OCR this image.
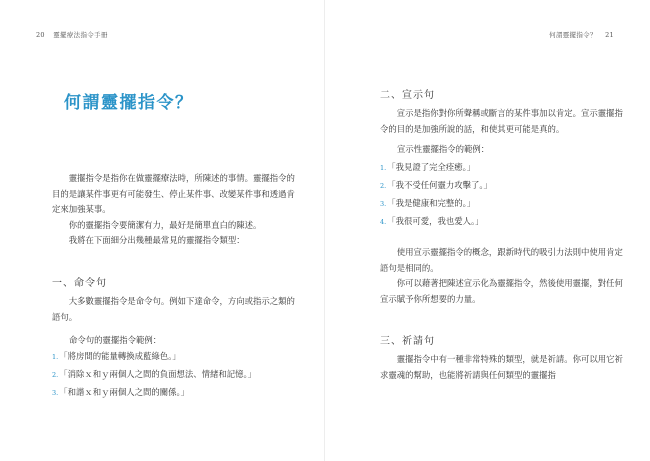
20 靈擺療法指令手冊
何謂靈擺指令？

靈擺指令是指你在做靈擺療法時，所陳述的事情。靈擺指令的目的是讓某件事更有可能發生、停止某件事、改變某件事和透過肯定來加強某事。

你的靈擺指令要簡潔有力，最好是簡單直白的陳述。

我將在下面細分出幾種最常見的靈擺指令類型：

一、命令句

大多數靈擺指令是命令句。例如下達命令，方向或指示之類的語句。

命令句的靈擺指令範例：
1.「將房間的能量轉換成藍綠色。」
2.「消除ｘ和ｙ兩個人之間的負面想法、情緒和記憶。」
3.「和諧ｘ和ｙ兩個人之間的關係。」
何謂靈擺指令？ 21
二、宣示句

宣示是指你對你所聲稱或斷言的某件事加以肯定。宣示靈擺指令的目的是加強所說的話，和使其更可能是真的。

宣示性靈擺指令的範例：
1.「我見證了完全痊癒。」
2.「我不受任何靈力攻擊了。」
3.「我是健康和完整的。」
4.「我很可愛，我也愛人。」

使用宣示靈擺指令的概念，跟新時代的吸引力法則中使用肯定語句是相同的。

你可以藉著把陳述宣示化為靈擺指令，然後使用靈擺，對任何宣示賦予你所想要的力量。

三、祈請句

靈擺指令中有一種非常特殊的類型，就是祈請。你可以用它祈求靈魂的幫助，也能將祈請與任何類型的靈擺指
